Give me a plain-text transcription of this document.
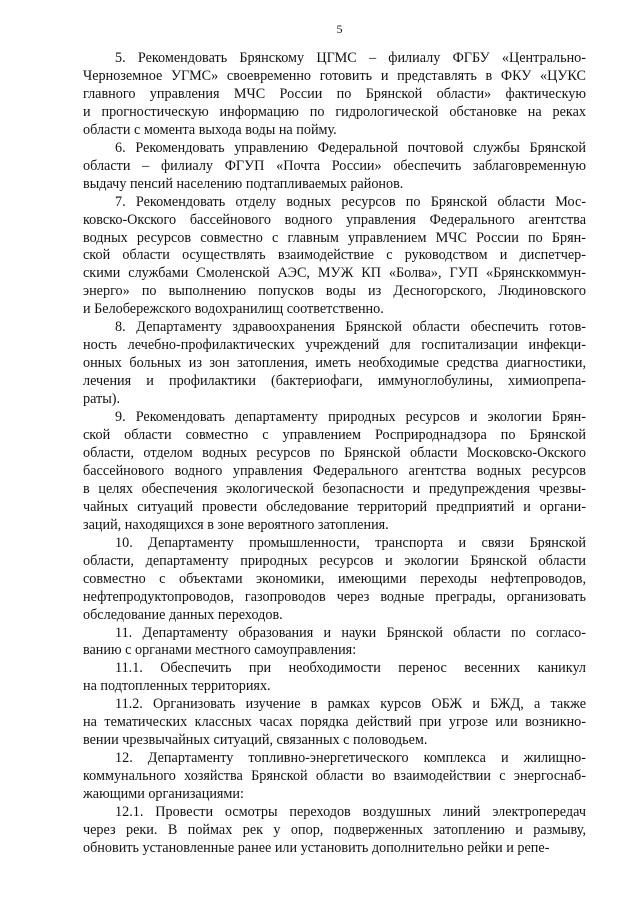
5

5. Рекомендовать Брянскому ЦГМС – филиалу ФГБУ «Центрально-
Черноземное УГМС» своевременно готовить и представлять в ФКУ «ЦУКС
главного управления МЧС России по Брянской области» фактическую
и прогностическую информацию по гидрологической обстановке на реках
области с момента выхода воды на пойму.

6. Рекомендовать управлению Федеральной почтовой службы Брянской
области – филиалу ФГУП «Почта России» обеспечить заблаговременную
выдачу пенсий населению подтапливаемых районов.

7. Рекомендовать отделу водных ресурсов по Брянской области Мос-
ковско-Окского бассейнового водного управления Федерального агентства
водных ресурсов совместно с главным управлением МЧС России по Брян-
ской области осуществлять взаимодействие с руководством и диспетчер-
скими службами Смоленской АЭС, МУЖ КП «Болва», ГУП «Брянсккоммун-
энерго» по выполнению попусков воды из Десногорского, Людиновского
и Белобережского водохранилищ соответственно.

8. Департаменту здравоохранения Брянской области обеспечить готов-
ность лечебно-профилактических учреждений для госпитализации инфекци-
онных больных из зон затопления, иметь необходимые средства диагностики,
лечения и профилактики (бактериофаги, иммуноглобулины, химиопрепа-
раты).

9. Рекомендовать департаменту природных ресурсов и экологии Брян-
ской области совместно с управлением Росприроднадзора по Брянской
области, отделом водных ресурсов по Брянской области Московско-Окского
бассейнового водного управления Федерального агентства водных ресурсов
в целях обеспечения экологической безопасности и предупреждения чрезвы-
чайных ситуаций провести обследование территорий предприятий и органи-
заций, находящихся в зоне вероятного затопления.

10. Департаменту промышленности, транспорта и связи Брянской
области, департаменту природных ресурсов и экологии Брянской области
совместно с объектами экономики, имеющими переходы нефтепроводов,
нефтепродуктопроводов, газопроводов через водные преграды, организовать
обследование данных переходов.

11. Департаменту образования и науки Брянской области по согласо-
ванию с органами местного самоуправления:

11.1. Обеспечить при необходимости перенос весенних каникул
на подтопленных территориях.

11.2. Организовать изучение в рамках курсов ОБЖ и БЖД, а также
на тематических классных часах порядка действий при угрозе или возникно-
вении чрезвычайных ситуаций, связанных с половодьем.

12. Департаменту топливно-энергетического комплекса и жилищно-
коммунального хозяйства Брянской области во взаимодействии с энергоснаб-
жающими организациями:

12.1. Провести осмотры переходов воздушных линий электропередач
через реки. В поймах рек у опор, подверженных затоплению и размыву,
обновить установленные ранее или установить дополнительно рейки и репе-
